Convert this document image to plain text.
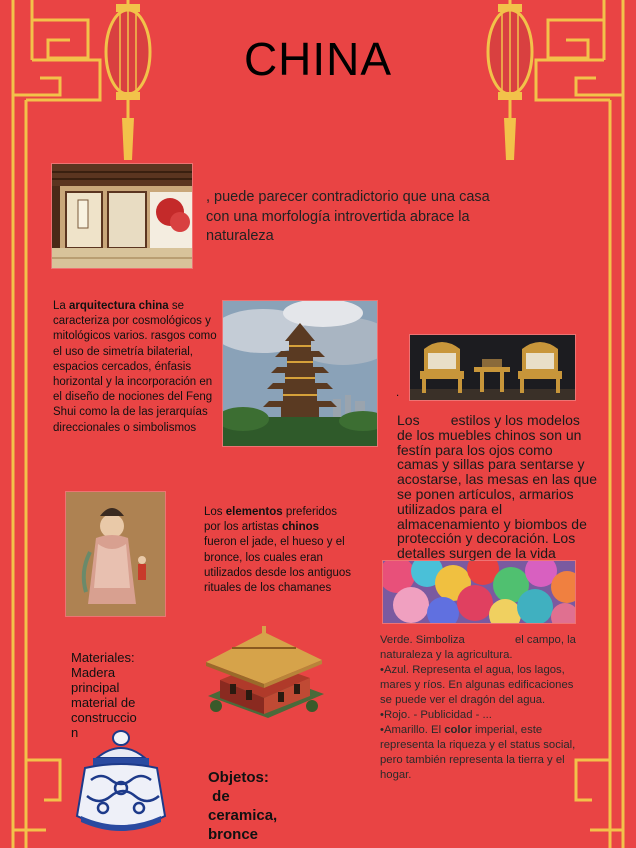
CHINA
, puede parecer contradictorio que una casa con una morfología introvertida abrace la naturaleza
La arquitectura china se caracteriza por cosmológicos y mitológicos varios. rasgos como el uso de simetría bilaterial, espacios cercados, énfasis horizontal y la incorporación en el diseño de nociones del Feng Shui como la de las jerarquías direccionales o simbolismos
.
Los        estilos y los modelos de los muebles chinos son un festín para los ojos como camas y sillas para sentarse y acostarse, las mesas en las que se ponen artículos, armarios utilizados para el almacenamiento y biombos de protección y decoración. Los detalles surgen de la vida
Los elementos preferidos por los artistas chinos fueron el jade, el hueso y el bronce, los cuales eran utilizados desde los antiguos rituales de los chamanes
Verde. Simboliza                el campo, la naturaleza y la agricultura.
•Azul. Representa el agua, los lagos, mares y ríos. En algunas edificaciones se puede ver el dragón del agua.
•Rojo. - Publicidad - ...
•Amarillo. El color imperial, este representa la riqueza y el status social, pero también representa la tierra y el hogar.
Materiales: Madera principal material de construccio n
Objetos:
de ceramica, bronce
